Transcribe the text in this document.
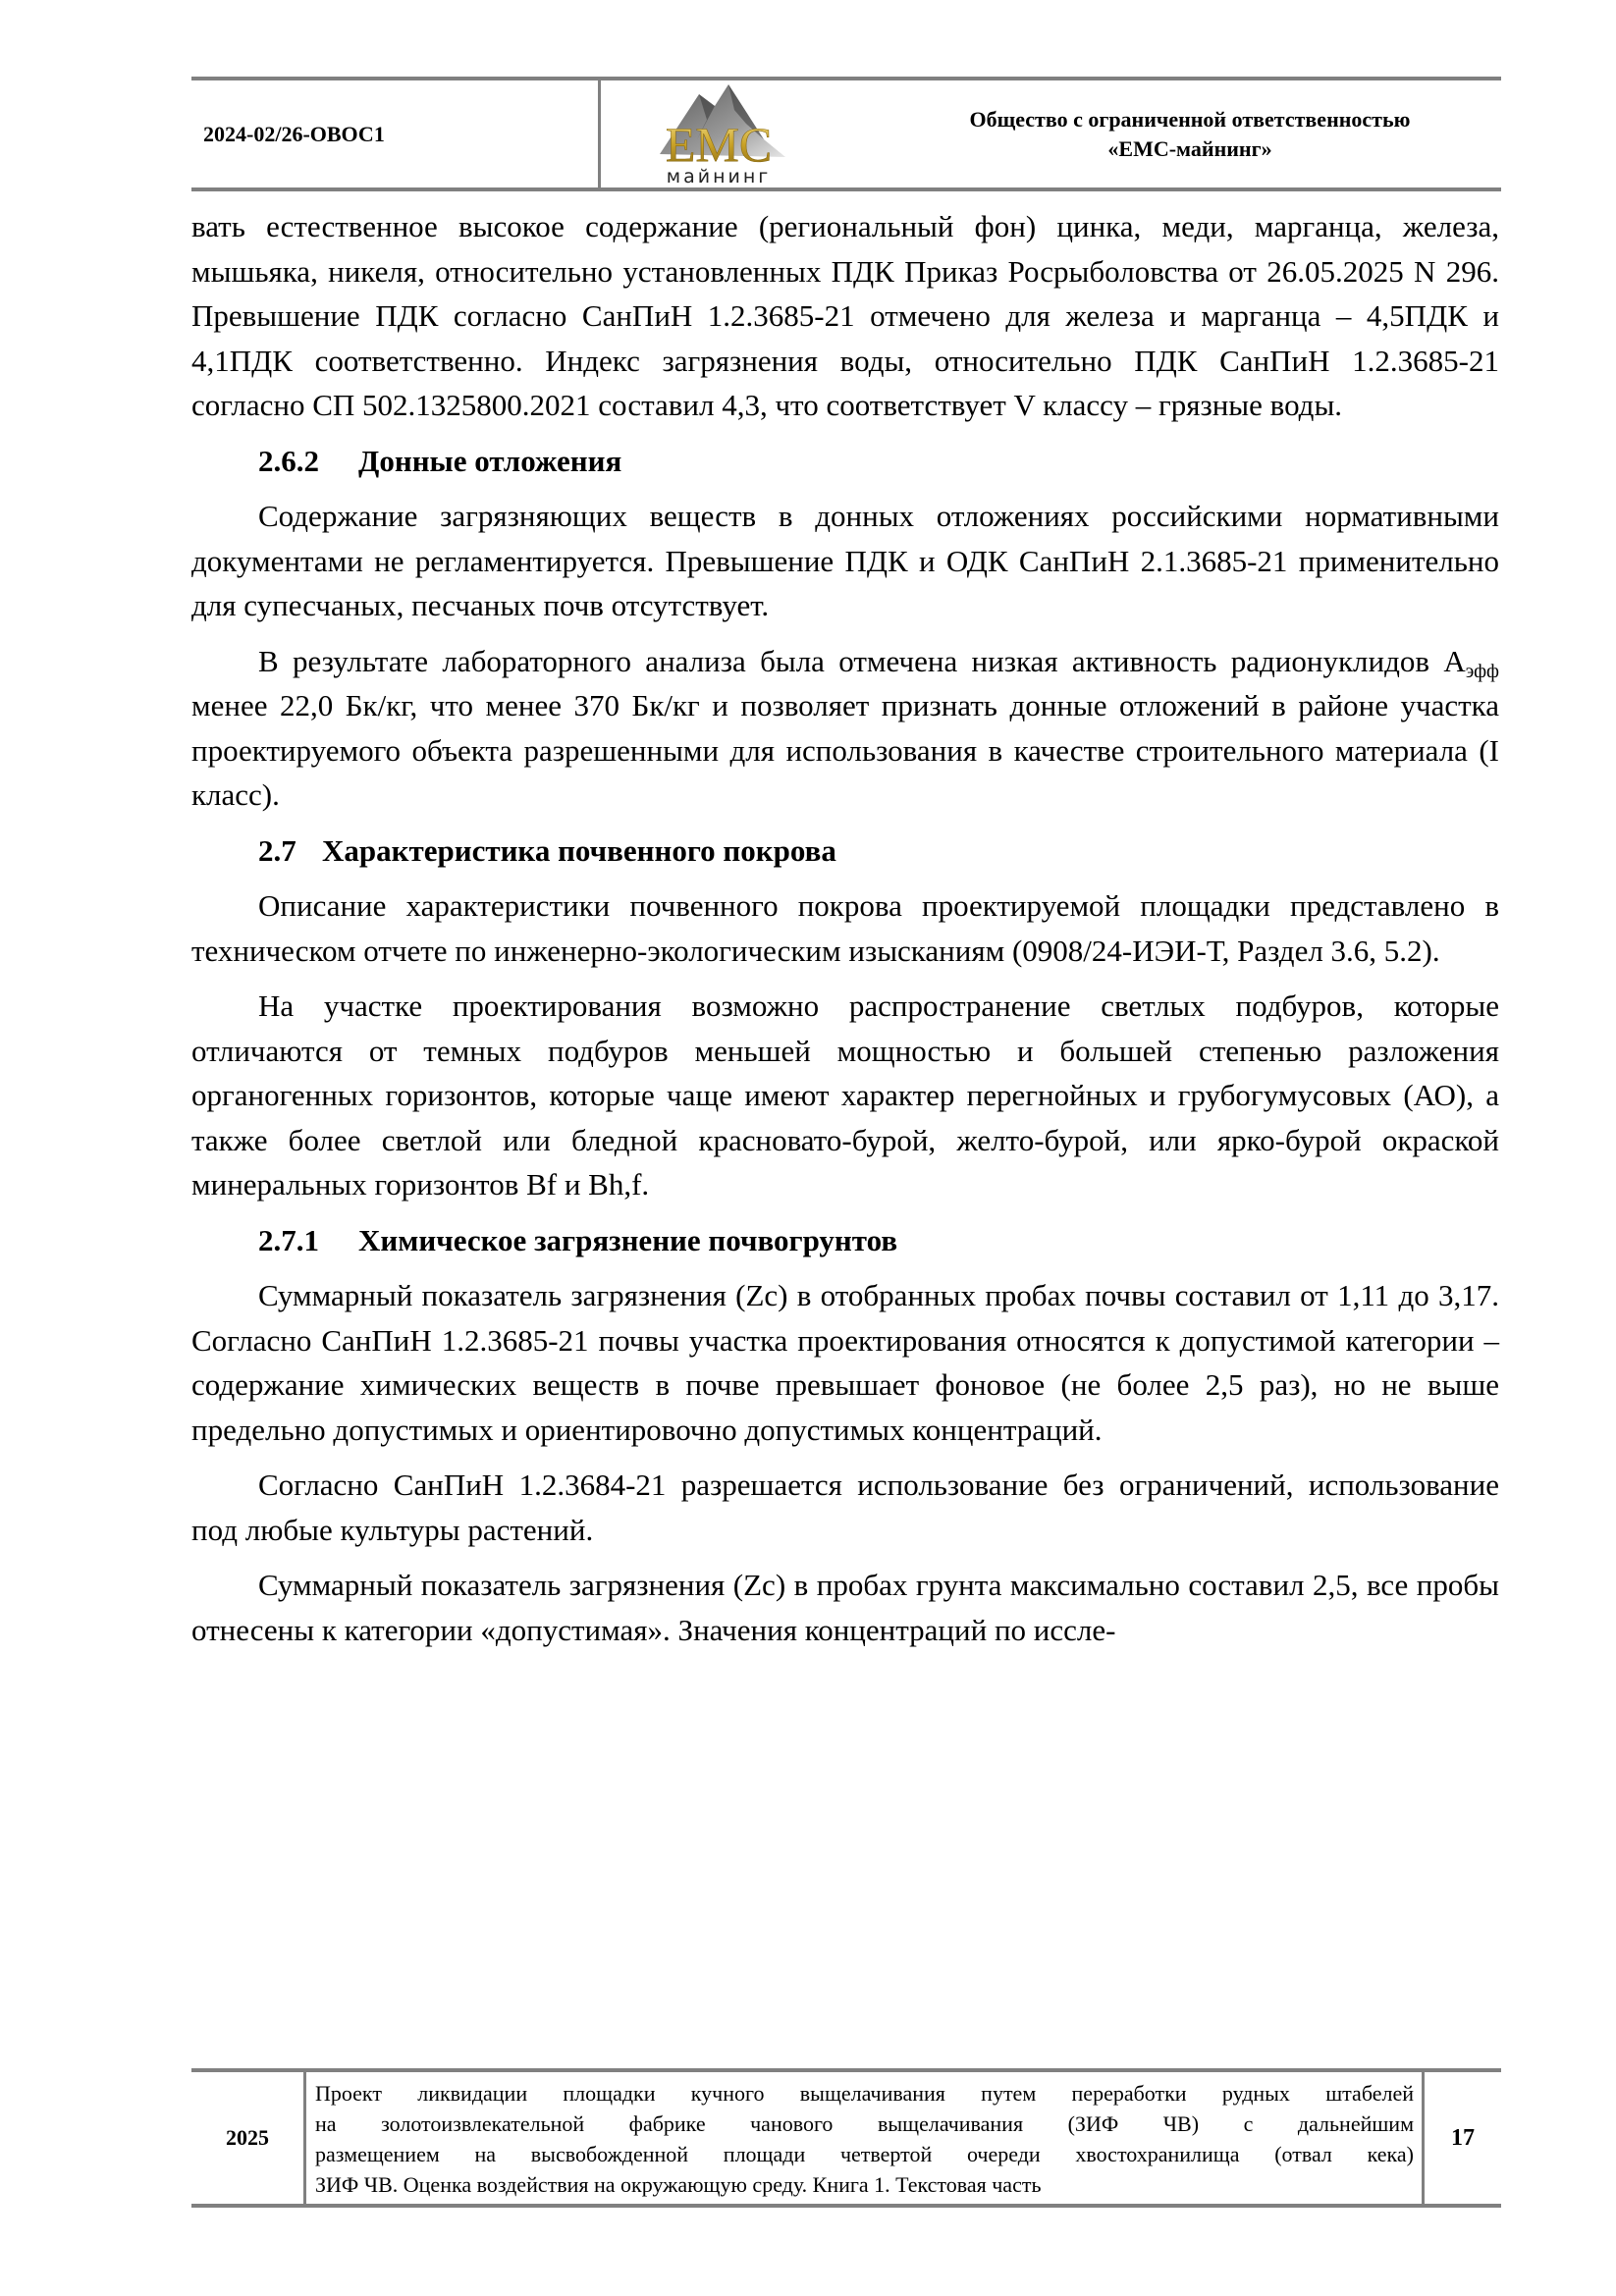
2024-02/26-ОВОС1	EMC
майнинг
Общество с ограниченной ответственностью
«ЕМС-майнинг»

вать естественное высокое содержание (региональный фон) цинка, меди, марганца, железа, мышьяка, никеля, относительно установленных ПДК Приказ Росрыболовства от 26.05.2025 N 296. Превышение ПДК согласно СанПиН 1.2.3685-21 отмечено для железа и марганца – 4,5ПДК и 4,1ПДК соответственно. Индекс загрязнения воды, относительно ПДК СанПиН 1.2.3685-21 согласно СП 502.1325800.2021 составил 4,3, что соответствует V классу – грязные воды.

2.6.2 Донные отложения

Содержание загрязняющих веществ в донных отложениях российскими нормативными документами не регламентируется. Превышение ПДК и ОДК СанПиН 2.1.3685-21 применительно для супесчаных, песчаных почв отсутствует.

В результате лабораторного анализа была отмечена низкая активность радионуклидов $А_{эфф}$ менее 22,0 Бк/кг, что менее 370 Бк/кг и позволяет признать донные отложений в районе участка проектируемого объекта разрешенными для использования в качестве строительного материала (I класс).

2.7 Характеристика почвенного покрова

Описание характеристики почвенного покрова проектируемой площадки представлено в техническом отчете по инженерно-экологическим изысканиям (0908/24-ИЭИ-Т, Раздел 3.6, 5.2).

На участке проектирования возможно распространение светлых подбуров, которые отличаются от темных подбуров меньшей мощностью и большей степенью разложения органогенных горизонтов, которые чаще имеют характер перегнойных и грубогумусовых (АО), а также более светлой или бледной красновато-бурой, желто-бурой, или ярко-бурой окраской минеральных горизонтов Bf и Bh,f.

2.7.1 Химическое загрязнение почвогрунтов

Суммарный показатель загрязнения (Zc) в отобранных пробах почвы составил от 1,11 до 3,17. Согласно СанПиН 1.2.3685-21 почвы участка проектирования относятся к допустимой категории – содержание химических веществ в почве превышает фоновое (не более 2,5 раз), но не выше предельно допустимых и ориентировочно допустимых концентраций.

Согласно СанПиН 1.2.3684-21 разрешается использование без ограничений, использование под любые культуры растений.

Суммарный показатель загрязнения (Zc) в пробах грунта максимально составил 2,5, все пробы отнесены к категории «допустимая». Значения концентраций по иссле-

2025
Проект ликвидации площадки кучного выщелачивания путем переработки рудных штабелей
на золотоизвлекательной фабрике чанового выщелачивания (ЗИФ ЧВ) с дальнейшим
размещением на высвобожденной площади четвертой очереди хвостохранилища (отвал кека)
ЗИФ ЧВ. Оценка воздействия на окружающую среду. Книга 1. Текстовая часть
17
